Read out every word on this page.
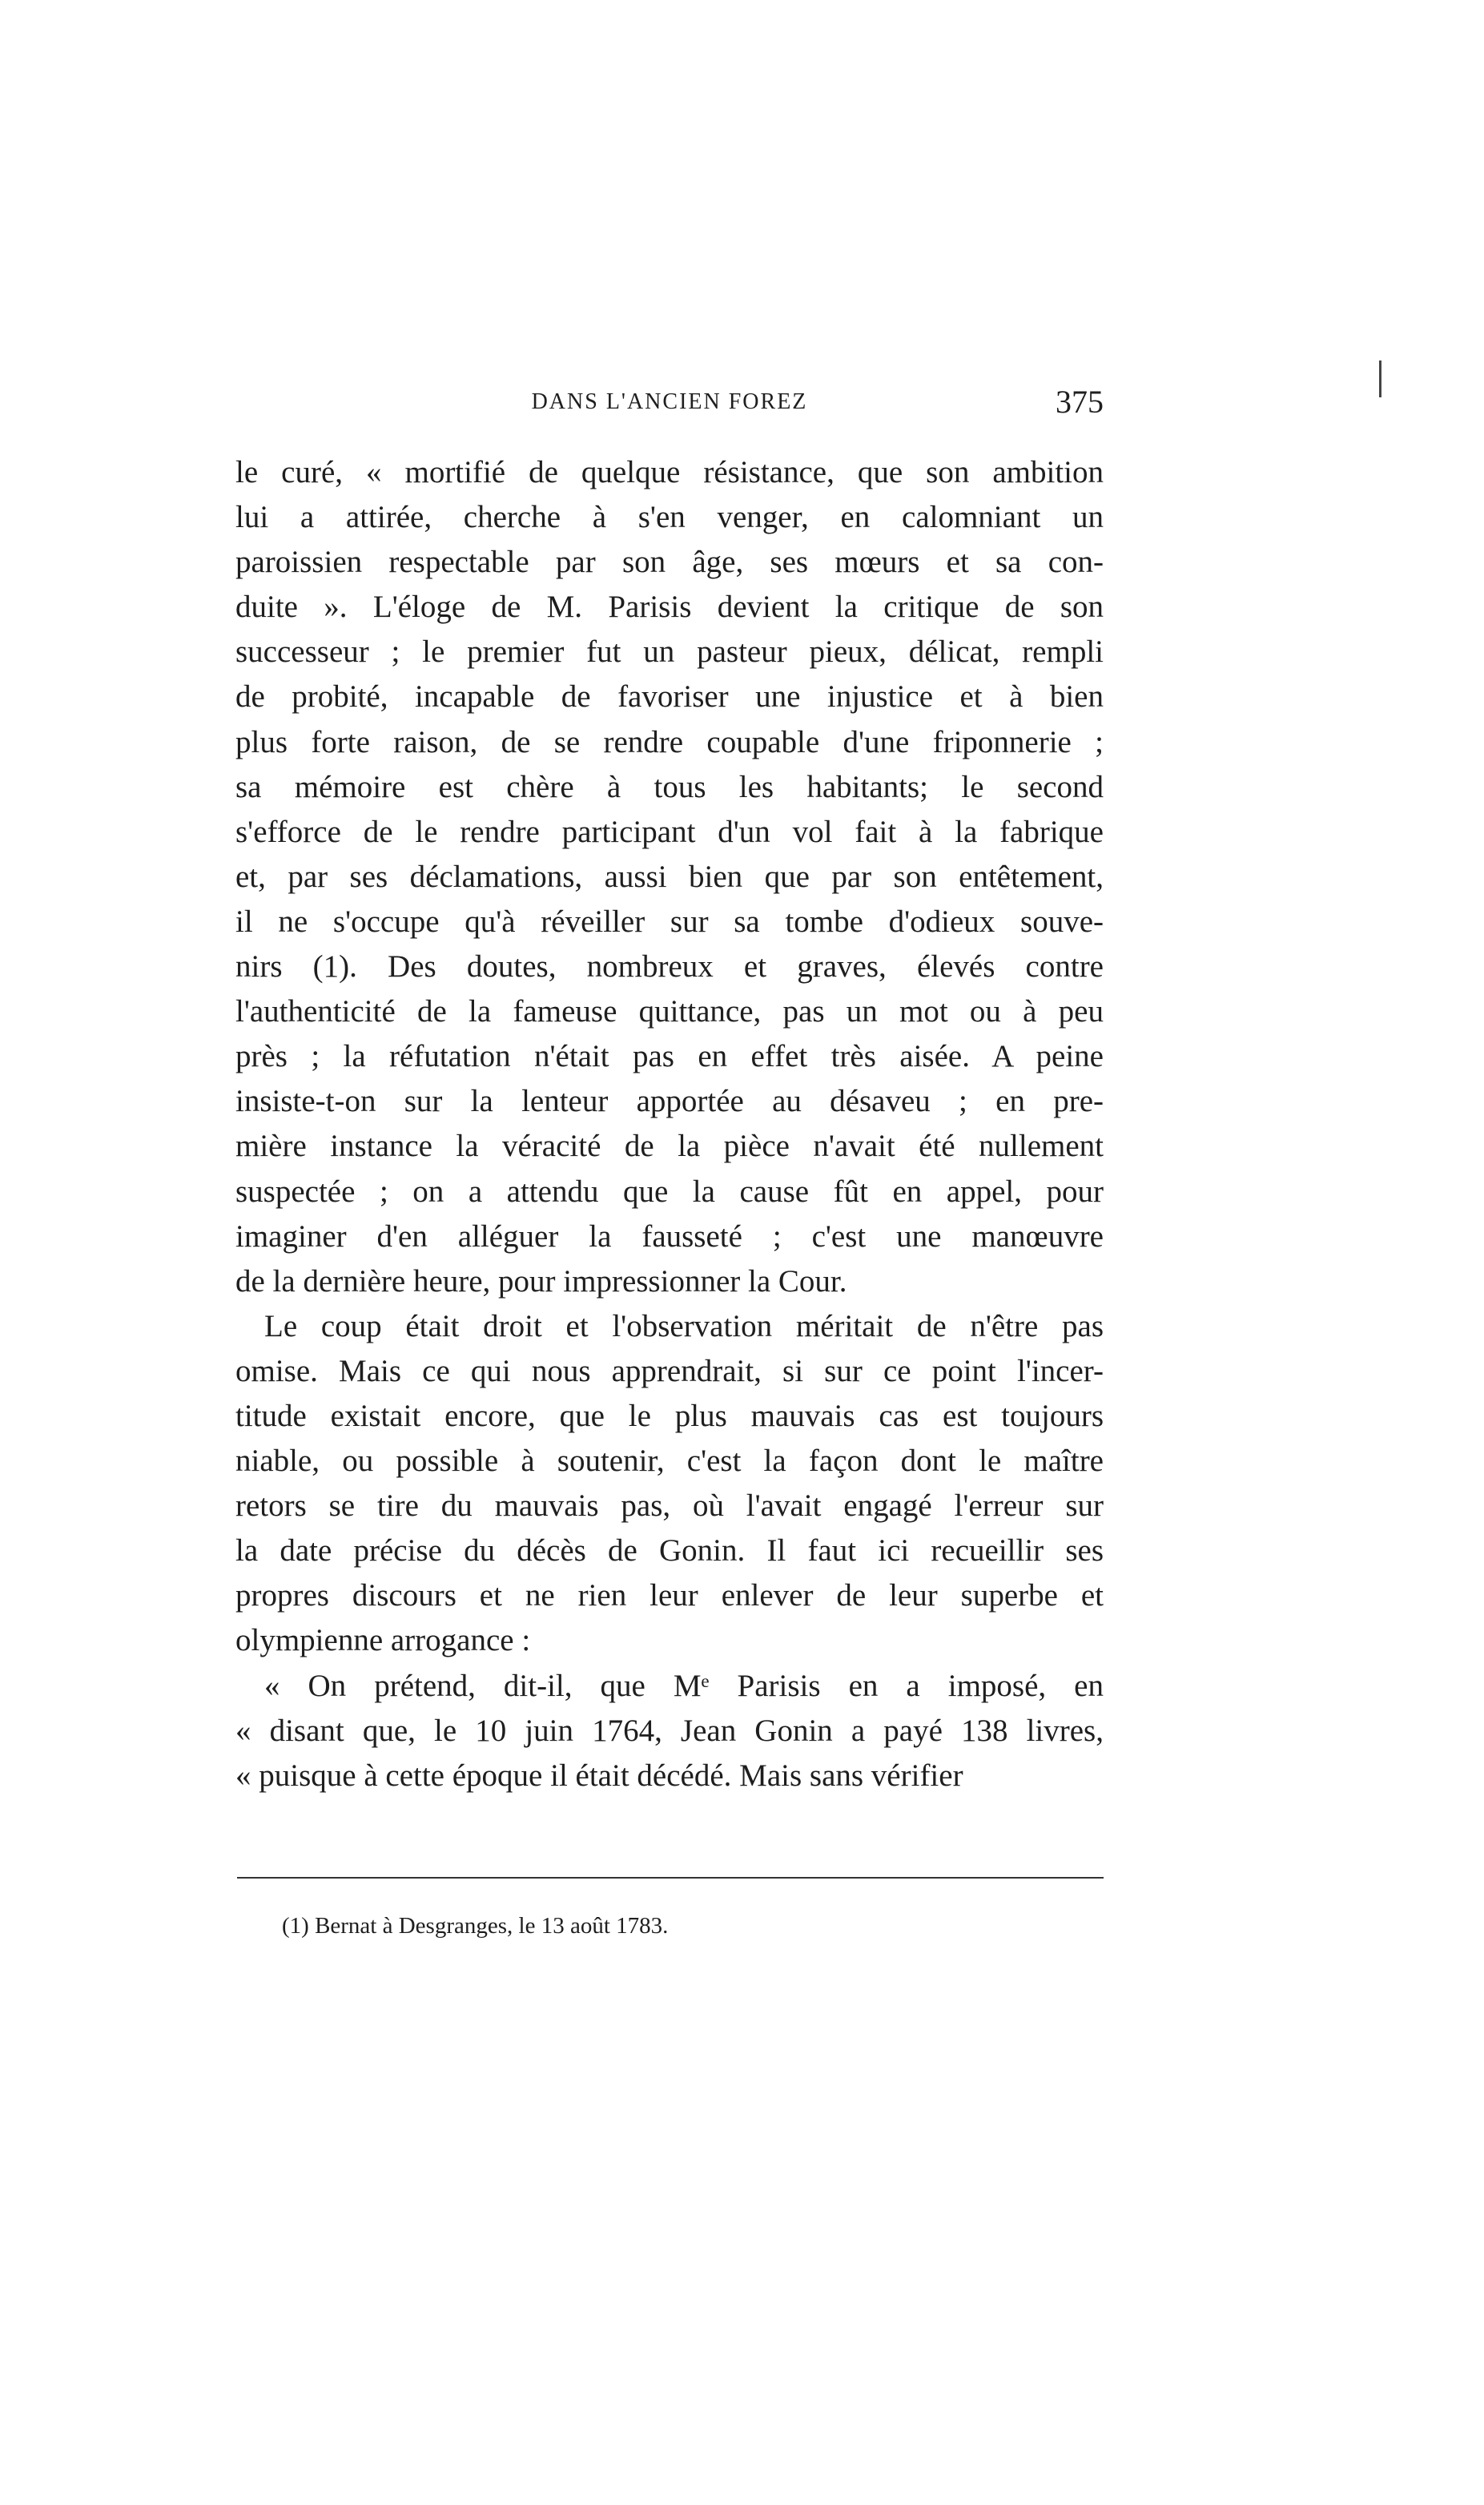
DANS L'ANCIEN FOREZ	375
le curé, « mortifié de quelque résistance, que son ambition
lui a attirée, cherche à s'en venger, en calomniant un
paroissien respectable par son âge, ses mœurs et sa con-
duite ». L'éloge de M. Parisis devient la critique de son
successeur ; le premier fut un pasteur pieux, délicat, rempli
de probité, incapable de favoriser une injustice et à bien
plus forte raison, de se rendre coupable d'une friponnerie ;
sa mémoire est chère à tous les habitants; le second
s'efforce de le rendre participant d'un vol fait à la fabrique
et, par ses déclamations, aussi bien que par son entêtement,
il ne s'occupe qu'à réveiller sur sa tombe d'odieux souve-
nirs (1). Des doutes, nombreux et graves, élevés contre
l'authenticité de la fameuse quittance, pas un mot ou à peu
près ; la réfutation n'était pas en effet très aisée. A peine
insiste-t-on sur la lenteur apportée au désaveu ; en pre-
mière instance la véracité de la pièce n'avait été nullement
suspectée ; on a attendu que la cause fût en appel, pour
imaginer d'en alléguer la fausseté ; c'est une manœuvre
de la dernière heure, pour impressionner la Cour.
Le coup était droit et l'observation méritait de n'être pas
omise. Mais ce qui nous apprendrait, si sur ce point l'incer-
titude existait encore, que le plus mauvais cas est toujours
niable, ou possible à soutenir, c'est la façon dont le maître
retors se tire du mauvais pas, où l'avait engagé l'erreur sur
la date précise du décès de Gonin. Il faut ici recueillir ses
propres discours et ne rien leur enlever de leur superbe et
olympienne arrogance :
« On prétend, dit-il, que Mᵉ Parisis en a imposé, en
« disant que, le 10 juin 1764, Jean Gonin a payé 138 livres,
« puisque à cette époque il était décédé. Mais sans vérifier
(1) Bernat à Desgranges, le 13 août 1783.
